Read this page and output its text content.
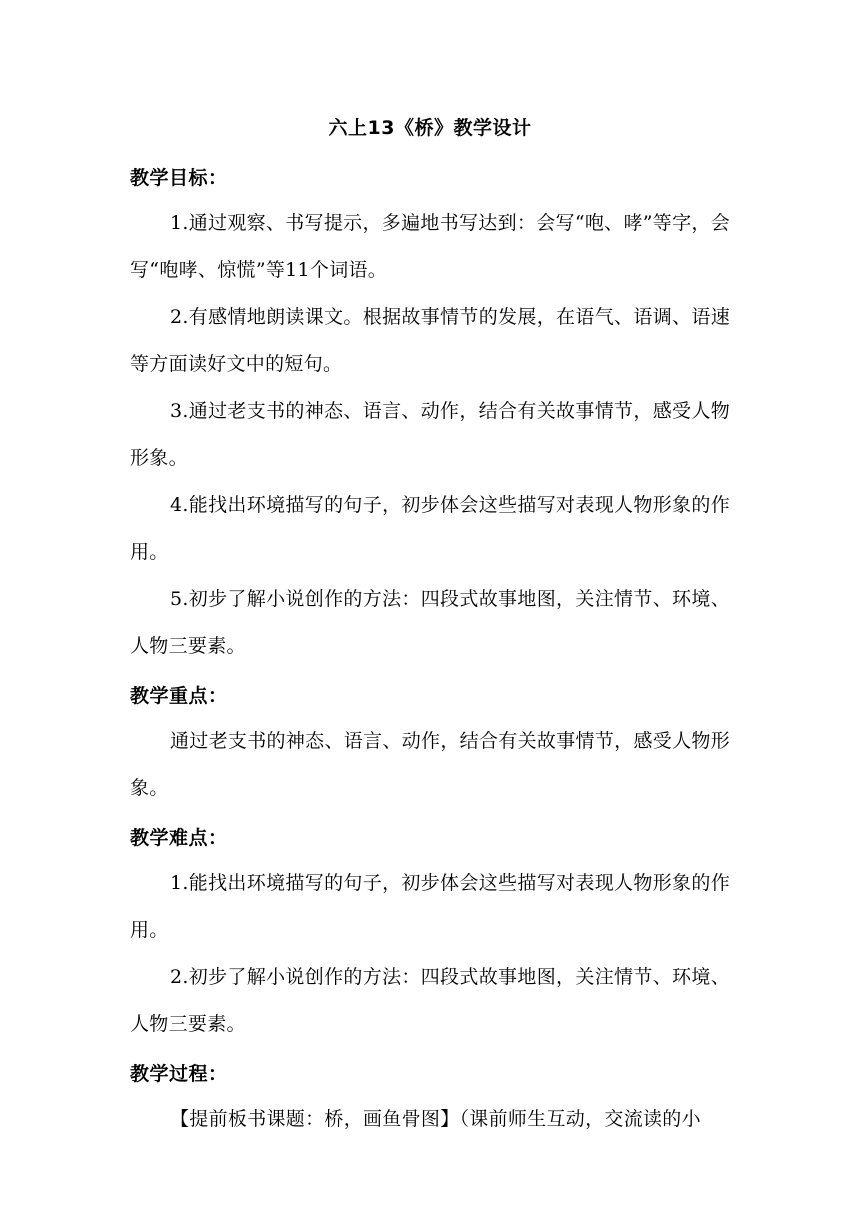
六上13《桥》教学设计

教学目标：

1.通过观察、书写提示，多遍地书写达到：会写“咆、哮”等字，会写“咆哮、惊慌”等11个词语。

2.有感情地朗读课文。根据故事情节的发展，在语气、语调、语速等方面读好文中的短句。

3.通过老支书的神态、语言、动作，结合有关故事情节，感受人物形象。

4.能找出环境描写的句子，初步体会这些描写对表现人物形象的作用。

5.初步了解小说创作的方法：四段式故事地图，关注情节、环境、人物三要素。

教学重点：

通过老支书的神态、语言、动作，结合有关故事情节，感受人物形象。

教学难点：

1.能找出环境描写的句子，初步体会这些描写对表现人物形象的作用。

2.初步了解小说创作的方法：四段式故事地图，关注情节、环境、人物三要素。

教学过程：

【提前板书课题：桥，画鱼骨图】（课前师生互动，交流读的小
